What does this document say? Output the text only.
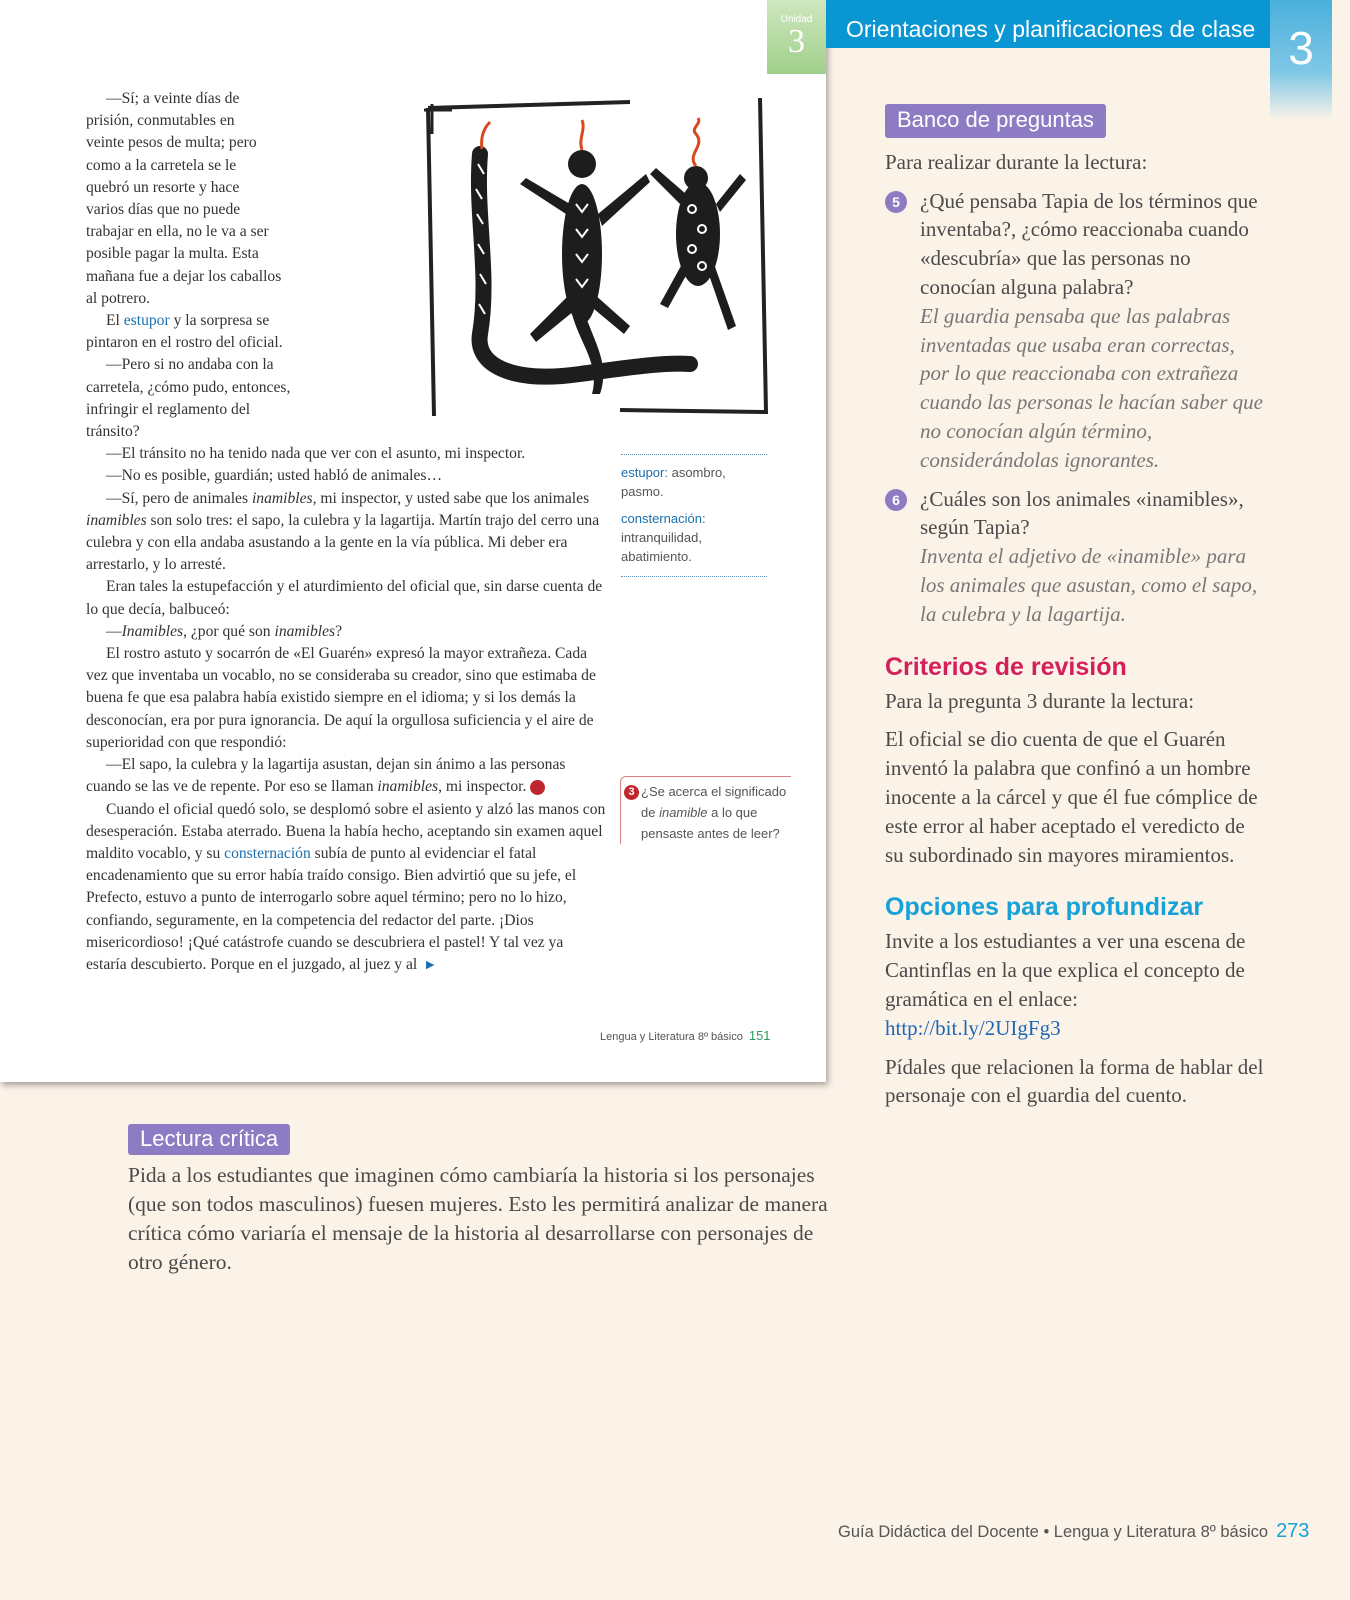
Unidad
3

—Sí; a veinte días de prisión, conmutables en veinte pesos de multa; pero como a la carretela se le quebró un resorte y hace varios días que no puede trabajar en ella, no le va a ser posible pagar la multa. Esta mañana fue a dejar los caballos al potrero.

El estupor y la sorpresa se pintaron en el rostro del oficial.

—Pero si no andaba con la carretela, ¿cómo pudo, entonces, infringir el reglamento del tránsito?

—El tránsito no ha tenido nada que ver con el asunto, mi inspector.

—No es posible, guardián; usted habló de animales…

—Sí, pero de animales inamibles, mi inspector, y usted sabe que los animales inamibles son solo tres: el sapo, la culebra y la lagartija. Martín trajo del cerro una culebra y con ella andaba asustando a la gente en la vía pública. Mi deber era arrestarlo, y lo arresté.

Eran tales la estupefacción y el aturdimiento del oficial que, sin darse cuenta de lo que decía, balbuceó:

—Inamibles, ¿por qué son inamibles?

El rostro astuto y socarrón de «El Guarén» expresó la mayor extrañeza. Cada vez que inventaba un vocablo, no se consideraba su creador, sino que estimaba de buena fe que esa palabra había existido siempre en el idioma; y si los demás la desconocían, era por pura ignorancia. De aquí la orgullosa suficiencia y el aire de superioridad con que respondió:

—El sapo, la culebra y la lagartija asustan, dejan sin ánimo a las personas cuando se las ve de repente. Por eso se llaman inamibles, mi inspector. 3

Cuando el oficial quedó solo, se desplomó sobre el asiento y alzó las manos con desesperación. Estaba aterrado. Buena la había hecho, aceptando sin examen aquel maldito vocablo, y su consternación subía de punto al evidenciar el fatal encadenamiento que su error había traído consigo. Bien advirtió que su jefe, el Prefecto, estuvo a punto de interrogarlo sobre aquel término; pero no lo hizo, confiando, seguramente, en la competencia del redactor del parte. ¡Dios misericordioso! ¡Qué catástrofe cuando se descubriera el pastel! Y tal vez ya estaría descubierto. Porque en el juzgado, al juez y al ►

estupor: asombro, pasmo.
consternación:
intranquilidad, abatimiento.
3 ¿Se acerca el significado de inamible a lo que pensaste antes de leer?
Lengua y Literatura 8º básico 151
Orientaciones y planificaciones de clase 3
Lectura crítica
Pida a los estudiantes que imaginen cómo cambiaría la historia si los personajes (que son todos masculinos) fuesen mujeres. Esto les permitirá analizar de manera crítica cómo variaría el mensaje de la historia al desarrollarse con personajes de otro género.
Banco de preguntas

Para realizar durante la lectura:

5 ¿Qué pensaba Tapia de los términos que inventaba?, ¿cómo reaccionaba cuando «descubría» que las personas no conocían alguna palabra?

El guardia pensaba que las palabras inventadas que usaba eran correctas, por lo que reaccionaba con extrañeza cuando las personas le hacían saber que no conocían algún término, considerándolas ignorantes.

6 ¿Cuáles son los animales «inamibles», según Tapia?

Inventa el adjetivo de «inamible» para los animales que asustan, como el sapo, la culebra y la lagartija.

Criterios de revisión

Para la pregunta 3 durante la lectura:

El oficial se dio cuenta de que el Guarén inventó la palabra que confinó a un hombre inocente a la cárcel y que él fue cómplice de este error al haber aceptado el veredicto de su subordinado sin mayores miramientos.

Opciones para profundizar

Invite a los estudiantes a ver una escena de Cantinflas en la que explica el concepto de gramática en el enlace:

http://bit.ly/2UIgFg3

Pídales que relacionen la forma de hablar del personaje con el guardia del cuento.

Guía Didáctica del Docente • Lengua y Literatura 8º básico 273
